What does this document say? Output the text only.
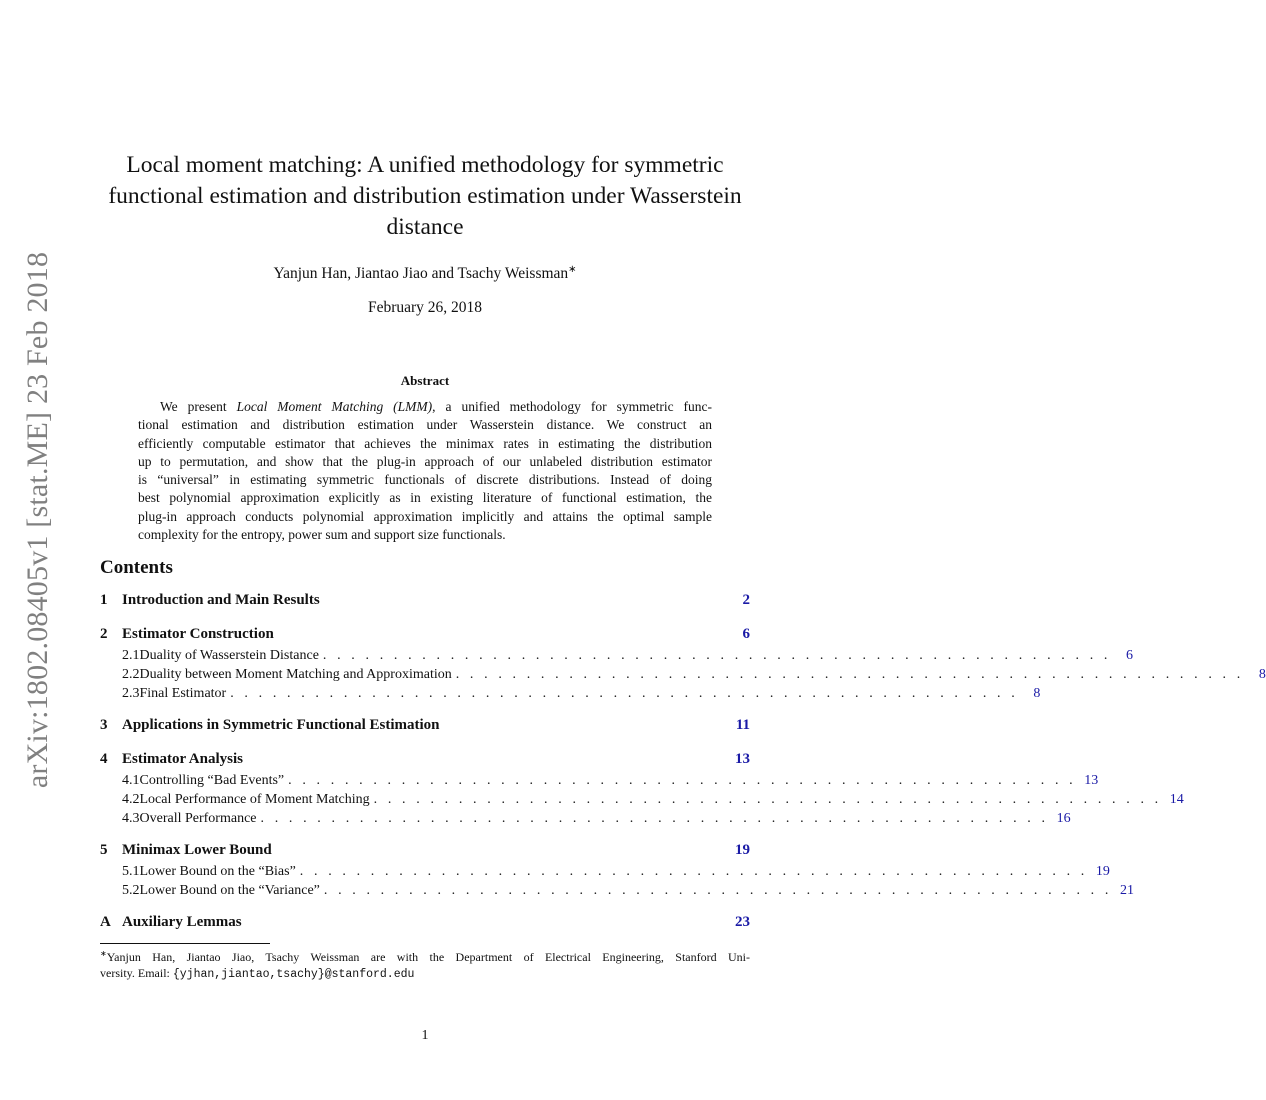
arXiv:1802.08405v1 [stat.ME] 23 Feb 2018
Local moment matching: A unified methodology for symmetric
functional estimation and distribution estimation under Wasserstein
distance
Yanjun Han, Jiantao Jiao and Tsachy Weissman∗
February 26, 2018
Abstract
We present Local Moment Matching (LMM), a unified methodology for symmetric func-
tional estimation and distribution estimation under Wasserstein distance. We construct an
efficiently computable estimator that achieves the minimax rates in estimating the distribution
up to permutation, and show that the plug-in approach of our unlabeled distribution estimator
is “universal” in estimating symmetric functionals of discrete distributions. Instead of doing
best polynomial approximation explicitly as in existing literature of functional estimation, the
plug-in approach conducts polynomial approximation implicitly and attains the optimal sample
complexity for the entropy, power sum and support size functionals.
Contents
1 Introduction and Main Results	2
2 Estimator Construction	6
2.1 Duality of Wasserstein Distance . . . . . . . . . . . . . . . . . . . . . . . . . . . . . . . . . . . . . . . . . . . . . . . . . . . . . . . .	6
2.2 Duality between Moment Matching and Approximation . . . . . . . . . . . . . . . . . . . . . . . . . . . . . . . . . . . . . . . . . . . . . . . . . . . . . . . .	8
2.3 Final Estimator . . . . . . . . . . . . . . . . . . . . . . . . . . . . . . . . . . . . . . . . . . . . . . . . . . . . . . . .	8
3 Applications in Symmetric Functional Estimation	11
4 Estimator Analysis	13
4.1 Controlling “Bad Events” . . . . . . . . . . . . . . . . . . . . . . . . . . . . . . . . . . . . . . . . . . . . . . . . . . . . . . . . 13
4.2 Local Performance of Moment Matching . . . . . . . . . . . . . . . . . . . . . . . . . . . . . . . . . . . . . . . . . . . . . . . . . . . . . . . . 14
4.3 Overall Performance . . . . . . . . . . . . . . . . . . . . . . . . . . . . . . . . . . . . . . . . . . . . . . . . . . . . . . . . 16
5 Minimax Lower Bound	19
5.1 Lower Bound on the “Bias” . . . . . . . . . . . . . . . . . . . . . . . . . . . . . . . . . . . . . . . . . . . . . . . . . . . . . . . . 19
5.2 Lower Bound on the “Variance” . . . . . . . . . . . . . . . . . . . . . . . . . . . . . . . . . . . . . . . . . . . . . . . . . . . . . . . . 21
A Auxiliary Lemmas	23
∗Yanjun Han, Jiantao Jiao, Tsachy Weissman are with the Department of Electrical Engineering, Stanford Uni-
versity. Email: {yjhan,jiantao,tsachy}@stanford.edu
1
